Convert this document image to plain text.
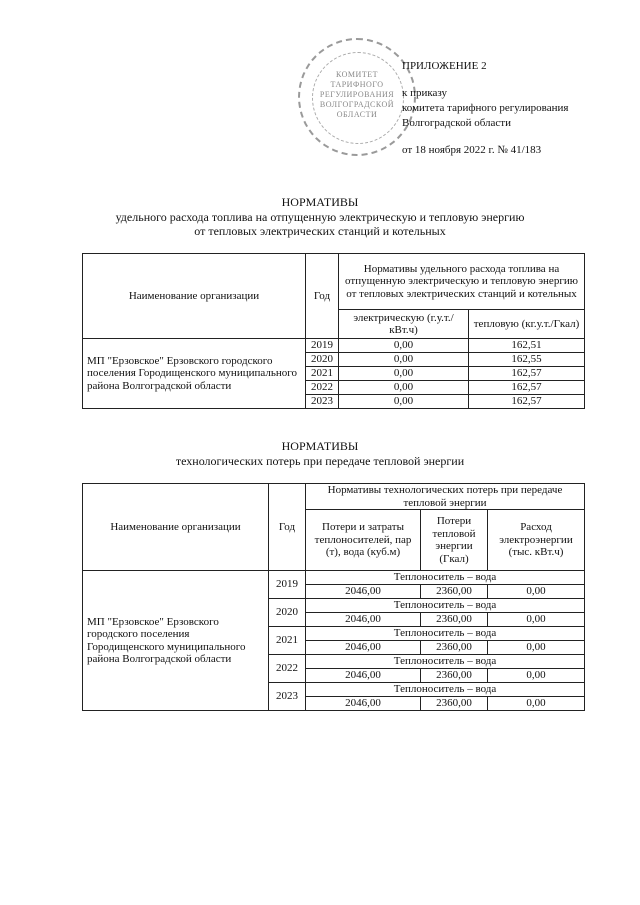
КОМИТЕТ
ТАРИФНОГО
РЕГУЛИРОВАНИЯ
ВОЛГОГРАДСКОЙ
ОБЛАСТИ
ПРИЛОЖЕНИЕ 2
к приказу
комитета тарифного регулирования
Волгоградской области
от 18 ноября 2022 г. № 41/183
НОРМАТИВЫ
удельного расхода топлива на отпущенную электрическую и тепловую энергию
от тепловых электрических станций и котельных
Наименование организации	Год	Нормативы удельного расхода топлива на отпущенную электрическую и тепловую энергию от тепловых электрических станций и котельных	
		электрическую (г.у.т./кВт.ч)	тепловую (кг.у.т./Гкал)
МП "Ерзовское" Ерзовского городского поселения Городищенского муниципального района Волгоградской области	2019	0,00	162,51
	2020	0,00	162,55
	2021	0,00	162,57
	2022	0,00	162,57
	2023	0,00	162,57
НОРМАТИВЫ
технологических потерь при передаче тепловой энергии
Наименование организации	Год	Нормативы технологических потерь при передаче тепловой энергии		
		Потери и затраты теплоносителей, пар (т), вода (куб.м)	Потери тепловой энергии (Гкал)	Расход электроэнергии (тыс. кВт.ч)
МП "Ерзовское" Ерзовского городского поселения Городищенского муниципального района Волгоградской области	2019	Теплоноситель – вода		
		2046,00	2360,00	0,00
	2020	Теплоноситель – вода		
		2046,00	2360,00	0,00
	2021	Теплоноситель – вода		
		2046,00	2360,00	0,00
	2022	Теплоноситель – вода		
		2046,00	2360,00	0,00
	2023	Теплоноситель – вода		
		2046,00	2360,00	0,00
